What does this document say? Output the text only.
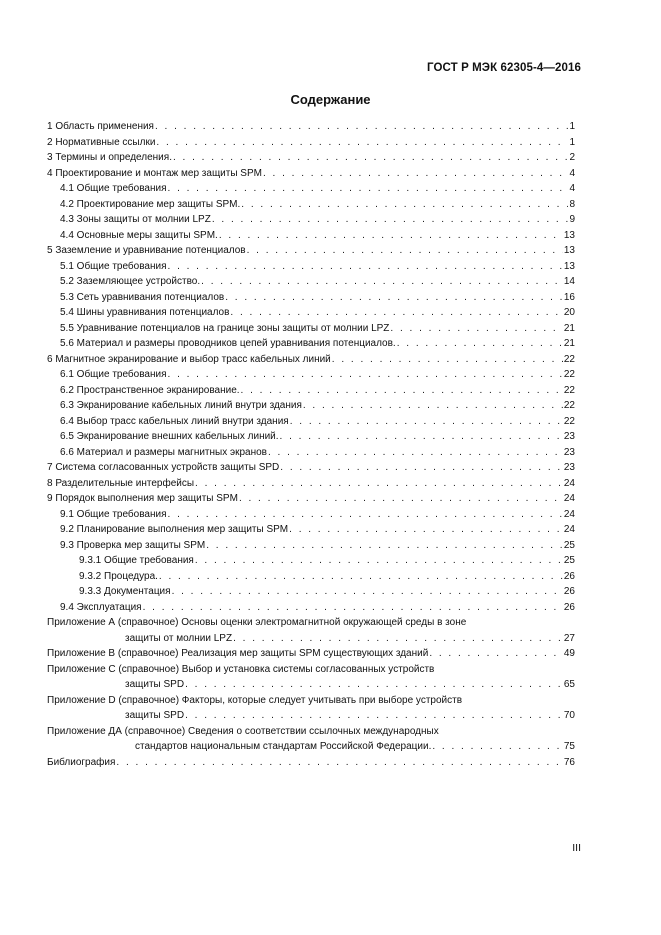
ГОСТ Р МЭК 62305-4—2016
Содержание
1 Область применения . . .	1
2 Нормативные ссылки . . .	1
3 Термины и определения. . . .	2
4 Проектирование и монтаж мер защиты SPM . . .	4
4.1 Общие требования . . .	4
4.2 Проектирование мер защиты SPM. . . .	8
4.3 Зоны защиты от молнии LPZ . . .	9
4.4 Основные меры защиты SPM. . . .	13
5 Заземление и уравнивание потенциалов . . .	13
5.1 Общие требования . . .	13
5.2 Заземляющее устройство. . . .	14
5.3 Сеть уравнивания потенциалов . . .	16
5.4 Шины уравнивания потенциалов . . .	20
5.5 Уравнивание потенциалов на границе зоны защиты от молнии LPZ . . .	21
5.6 Материал и размеры проводников цепей уравнивания потенциалов. . . .	21
6 Магнитное экранирование и выбор трасс кабельных линий . . .	22
6.1 Общие требования . . .	22
6.2 Пространственное экранирование. . . .	22
6.3 Экранирование кабельных линий внутри здания . . .	22
6.4 Выбор трасс кабельных линий внутри здания . . .	22
6.5 Экранирование внешних кабельных линий. . . .	23
6.6 Материал и размеры магнитных экранов . . .	23
7 Система согласованных устройств защиты SPD . . .	23
8 Разделительные интерфейсы . . .	24
9 Порядок выполнения мер защиты SPM . . .	24
9.1 Общие требования . . .	24
9.2 Планирование выполнения мер защиты SPM . . .	24
9.3 Проверка мер защиты SPM . . .	25
9.3.1 Общие требования . . .	25
9.3.2 Процедура. . . .	26
9.3.3 Документация . . .	26
9.4 Эксплуатация . . .	26
Приложение А (справочное) Основы оценки электромагнитной окружающей среды в зоне
защиты от молнии LPZ . . .	27
Приложение В (справочное) Реализация мер защиты SPM существующих зданий . . .	49
Приложение С (справочное) Выбор и установка системы согласованных устройств
защиты SPD . . .	65
Приложение D (справочное) Факторы, которые следует учитывать при выборе устройств
защиты SPD . . .	70
Приложение ДА (справочное) Сведения о соответствии ссылочных международных
стандартов национальным стандартам Российской Федерации. . . .	75
Библиография . . .	76
III
